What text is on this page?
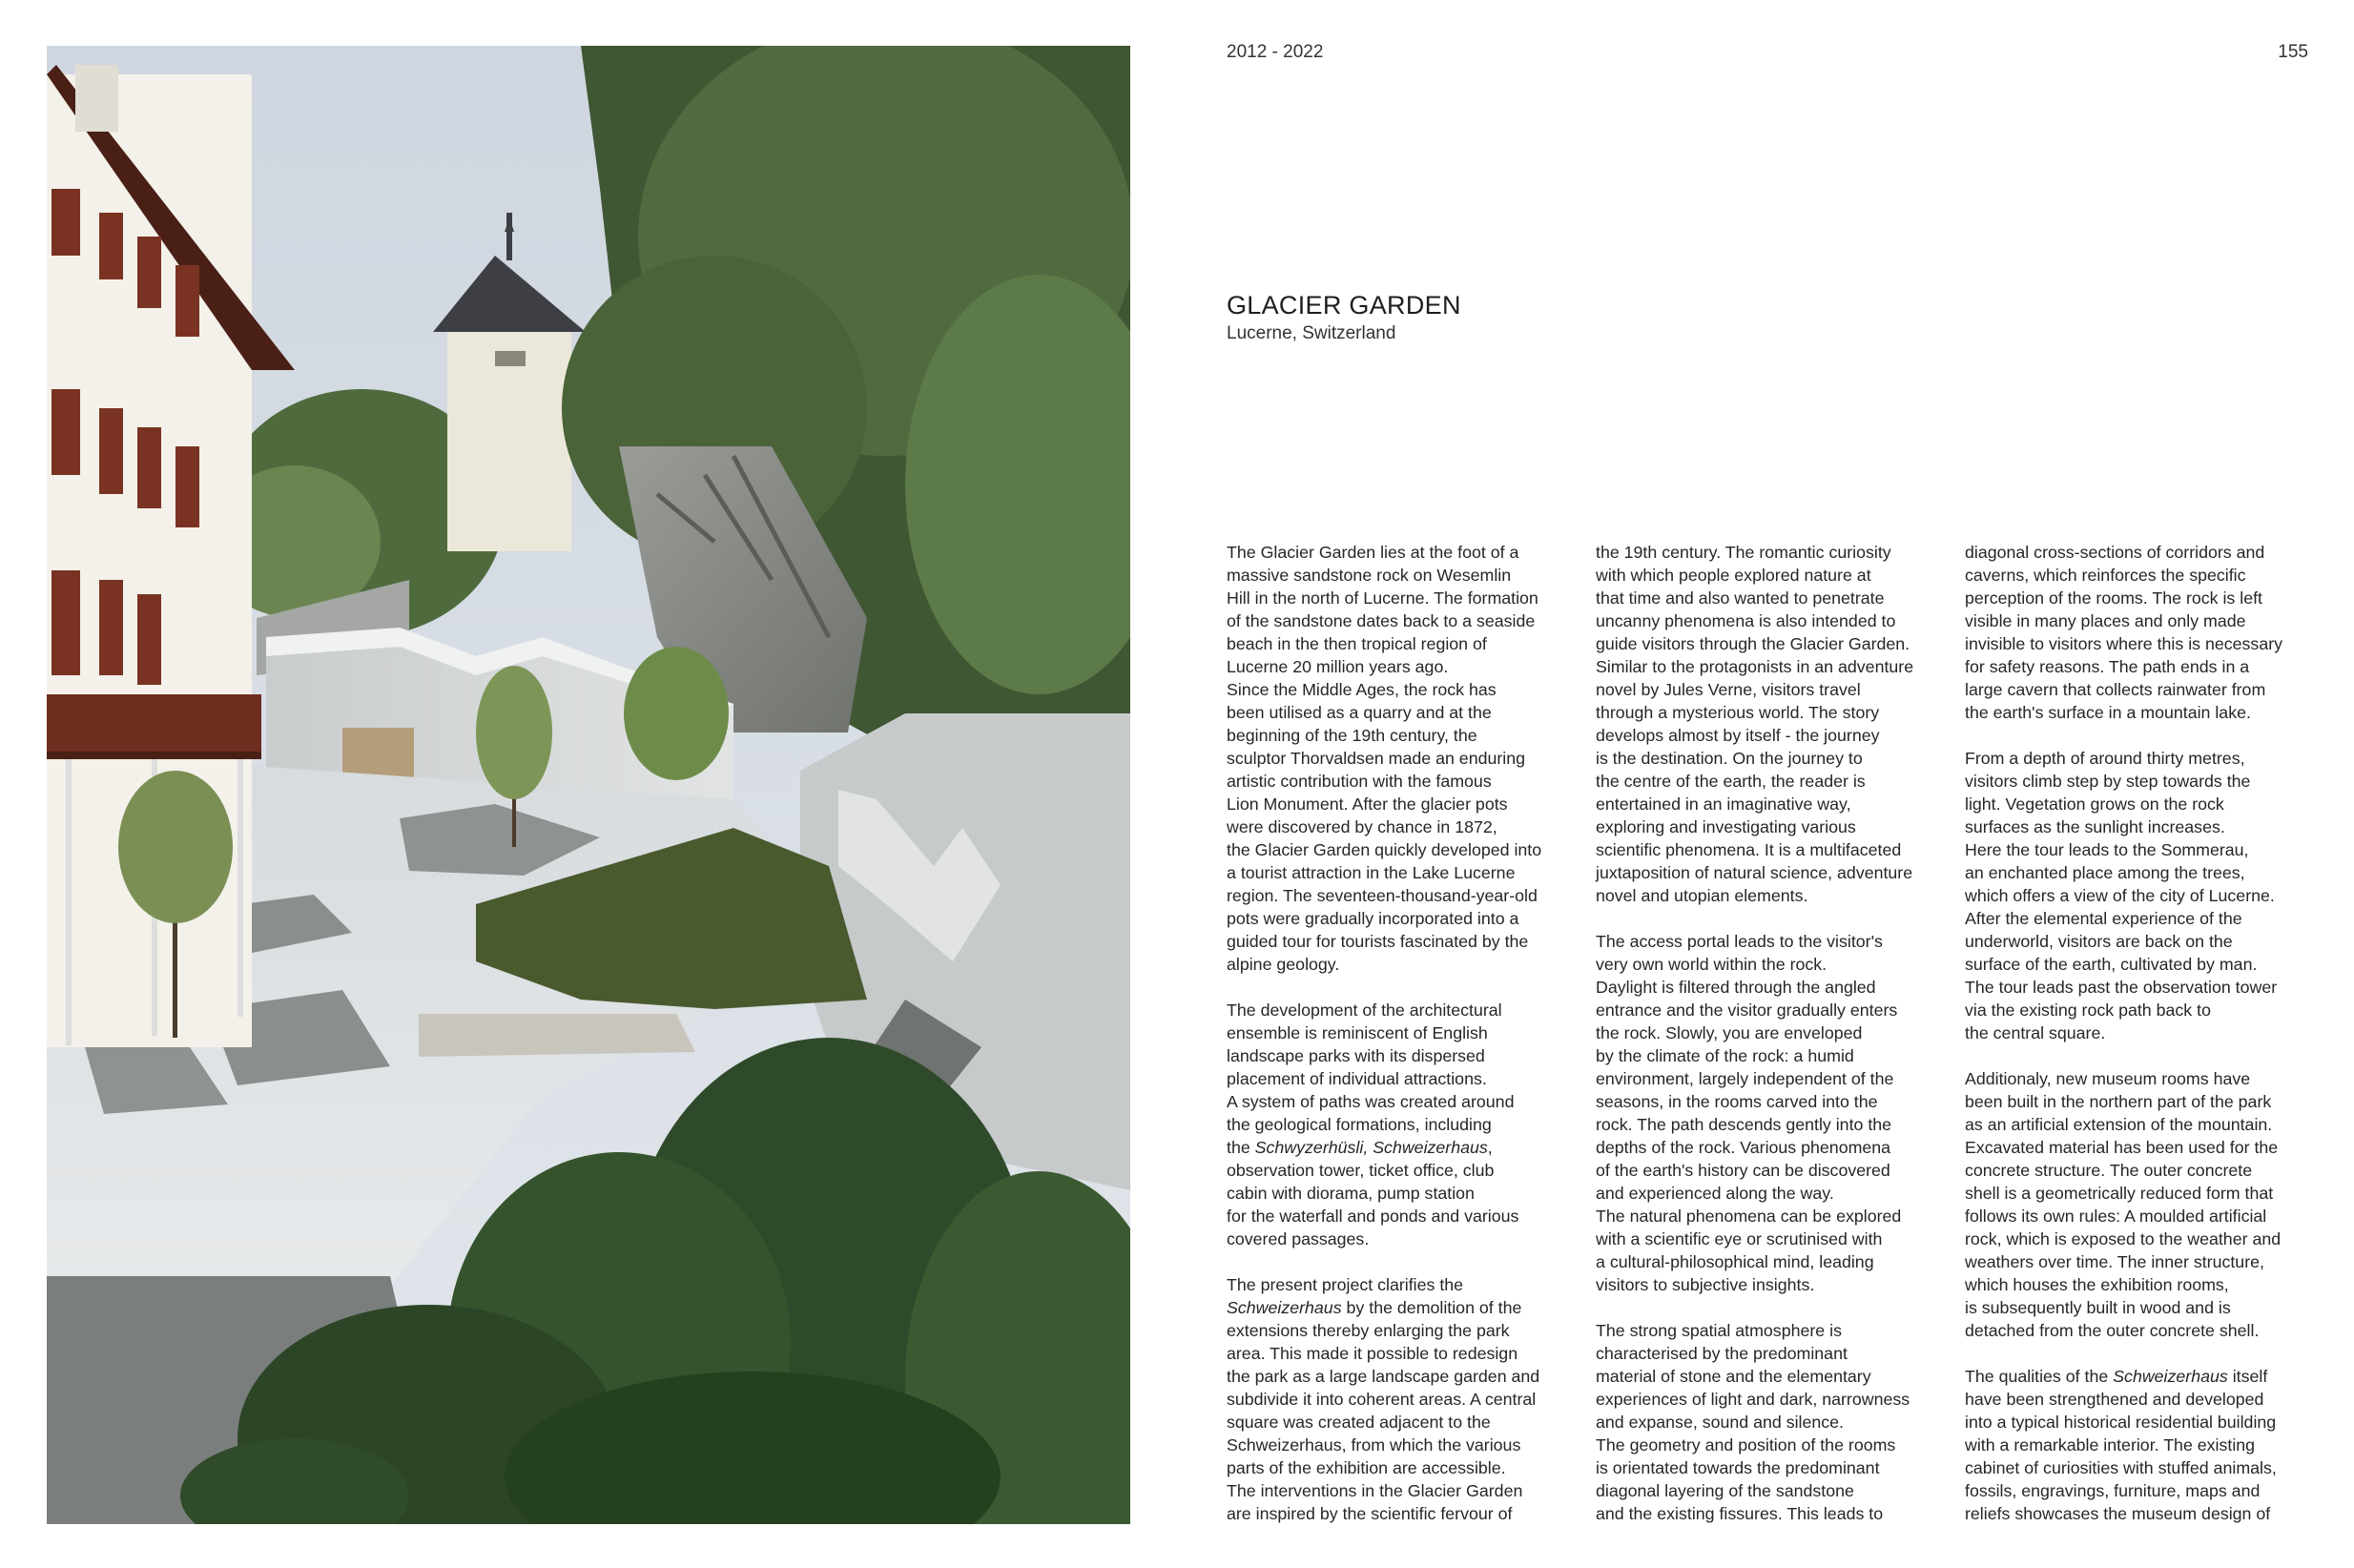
2012 - 2022	155
GLACIER GARDEN
Lucerne, Switzerland

The Glacier Garden lies at the foot of a
massive sandstone rock on Wesemlin
Hill in the north of Lucerne. The formation
of the sandstone dates back to a seaside
beach in the then tropical region of
Lucerne 20 million years ago.
Since the Middle Ages, the rock has
been utilised as a quarry and at the
beginning of the 19th century, the
sculptor Thorvaldsen made an enduring
artistic contribution with the famous
Lion Monument. After the glacier pots
were discovered by chance in 1872,
the Glacier Garden quickly developed into
a tourist attraction in the Lake Lucerne
region. The seventeen-thousand-year-old
pots were gradually incorporated into a
guided tour for tourists fascinated by the
alpine geology.

The development of the architectural
ensemble is reminiscent of English
landscape parks with its dispersed
placement of individual attractions.
A system of paths was created around
the geological formations, including
the Schwyzerhüsli, Schweizerhaus,
observation tower, ticket office, club
cabin with diorama, pump station
for the waterfall and ponds and various
covered passages.

The present project clarifies the
Schweizerhaus by the demolition of the
extensions thereby enlarging the park
area. This made it possible to redesign
the park as a large landscape garden and
subdivide it into coherent areas. A central
square was created adjacent to the
Schweizerhaus, from which the various
parts of the exhibition are accessible.
The interventions in the Glacier Garden
are inspired by the scientific fervour of

the 19th century. The romantic curiosity
with which people explored nature at
that time and also wanted to penetrate
uncanny phenomena is also intended to
guide visitors through the Glacier Garden.
Similar to the protagonists in an adventure
novel by Jules Verne, visitors travel
through a mysterious world. The story
develops almost by itself - the journey
is the destination. On the journey to
the centre of the earth, the reader is
entertained in an imaginative way,
exploring and investigating various
scientific phenomena. It is a multifaceted
juxtaposition of natural science, adventure
novel and utopian elements.

The access portal leads to the visitor's
very own world within the rock.
Daylight is filtered through the angled
entrance and the visitor gradually enters
the rock. Slowly, you are enveloped
by the climate of the rock: a humid
environment, largely independent of the
seasons, in the rooms carved into the
rock. The path descends gently into the
depths of the rock. Various phenomena
of the earth's history can be discovered
and experienced along the way.
The natural phenomena can be explored
with a scientific eye or scrutinised with
a cultural-philosophical mind, leading
visitors to subjective insights.

The strong spatial atmosphere is
characterised by the predominant
material of stone and the elementary
experiences of light and dark, narrowness
and expanse, sound and silence.
The geometry and position of the rooms
is orientated towards the predominant
diagonal layering of the sandstone
and the existing fissures. This leads to

diagonal cross-sections of corridors and
caverns, which reinforces the specific
perception of the rooms. The rock is left
visible in many places and only made
invisible to visitors where this is necessary
for safety reasons. The path ends in a
large cavern that collects rainwater from
the earth's surface in a mountain lake.

From a depth of around thirty metres,
visitors climb step by step towards the
light. Vegetation grows on the rock
surfaces as the sunlight increases.
Here the tour leads to the Sommerau,
an enchanted place among the trees,
which offers a view of the city of Lucerne.
After the elemental experience of the
underworld, visitors are back on the
surface of the earth, cultivated by man.
The tour leads past the observation tower
via the existing rock path back to
the central square.

Additionaly, new museum rooms have
been built in the northern part of the park
as an artificial extension of the mountain.
Excavated material has been used for the
concrete structure. The outer concrete
shell is a geometrically reduced form that
follows its own rules: A moulded artificial
rock, which is exposed to the weather and
weathers over time. The inner structure,
which houses the exhibition rooms,
is subsequently built in wood and is
detached from the outer concrete shell.

The qualities of the Schweizerhaus itself
have been strengthened and developed
into a typical historical residential building
with a remarkable interior. The existing
cabinet of curiosities with stuffed animals,
fossils, engravings, furniture, maps and
reliefs showcases the museum design of
